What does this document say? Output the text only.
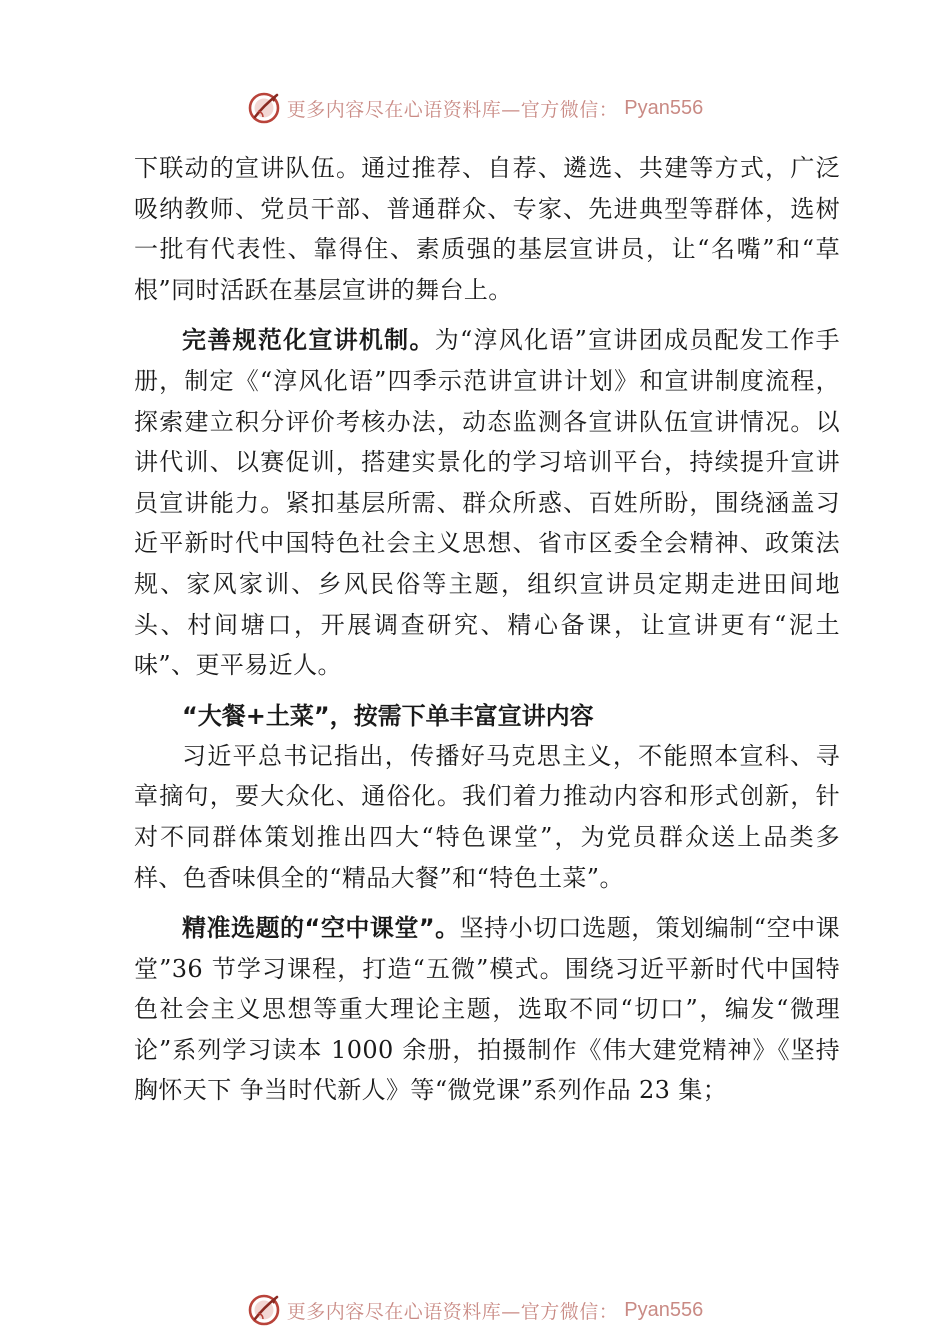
更多内容尽在心语资料库—官方微信： Pyan556

下联动的宣讲队伍。通过推荐、自荐、遴选、共建等方式，广泛吸纳教师、党员干部、普通群众、专家、先进典型等群体，选树一批有代表性、靠得住、素质强的基层宣讲员，让“名嘴”和“草根”同时活跃在基层宣讲的舞台上。

完善规范化宣讲机制。为“淳风化语”宣讲团成员配发工作手册，制定《“淳风化语”四季示范讲宣讲计划》和宣讲制度流程，探索建立积分评价考核办法，动态监测各宣讲队伍宣讲情况。以讲代训、以赛促训，搭建实景化的学习培训平台，持续提升宣讲员宣讲能力。紧扣基层所需、群众所惑、百姓所盼，围绕涵盖习近平新时代中国特色社会主义思想、省市区委全会精神、政策法规、家风家训、乡风民俗等主题，组织宣讲员定期走进田间地头、村间塘口，开展调查研究、精心备课，让宣讲更有“泥土味”、更平易近人。

“大餐+土菜”，按需下单丰富宣讲内容

习近平总书记指出，传播好马克思主义，不能照本宣科、寻章摘句，要大众化、通俗化。我们着力推动内容和形式创新，针对不同群体策划推出四大“特色课堂”，为党员群众送上品类多样、色香味俱全的“精品大餐”和“特色土菜”。

精准选题的“空中课堂”。坚持小切口选题，策划编制“空中课堂”36 节学习课程，打造“五微”模式。围绕习近平新时代中国特色社会主义思想等重大理论主题，选取不同“切口”，编发“微理论”系列学习读本 1000 余册，拍摄制作《伟大建党精神》《坚持胸怀天下 争当时代新人》等“微党课”系列作品 23 集；

更多内容尽在心语资料库—官方微信： Pyan556
